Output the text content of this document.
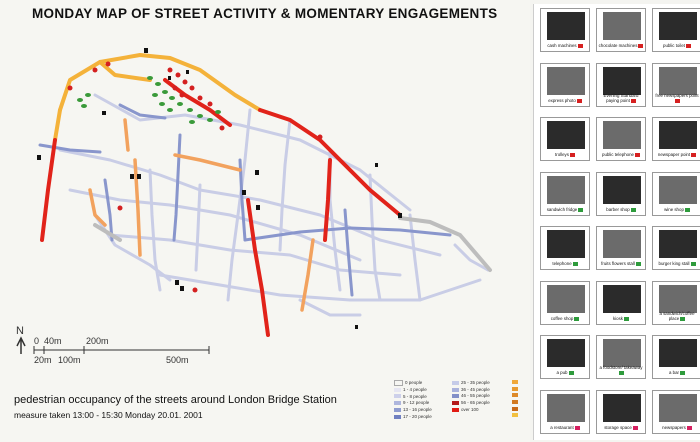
MONDAY MAP OF STREET ACTIVITY & MOMENTARY ENGAGEMENTS
N
0 40m	200m
20m 100m	500m
pedestrian occupancy of the streets around London Bridge Station
measure taken 13:00 - 15:30 Monday 20.01. 2001
0 people
1 - 4 people
5 - 8 people
9 - 12 people
13 - 16 people
17 - 20 people
25 - 35 people
36 - 45 people
46 - 55 people
56 - 65 people
over 100
cash machines	chocolate machines	public toilet
express photo
Evening Standard paying point
free newspapers point
trolleys	public telephone	newspaper point
sandwich fridge	barber shop	wine shop
telephone	fruits flowers stall	burger king stall
coffee shop	kiosk
a sandwich/coffee place
a pub
a foodstore/ takeaway
a bar
a restaurant	storage space	newspapers
